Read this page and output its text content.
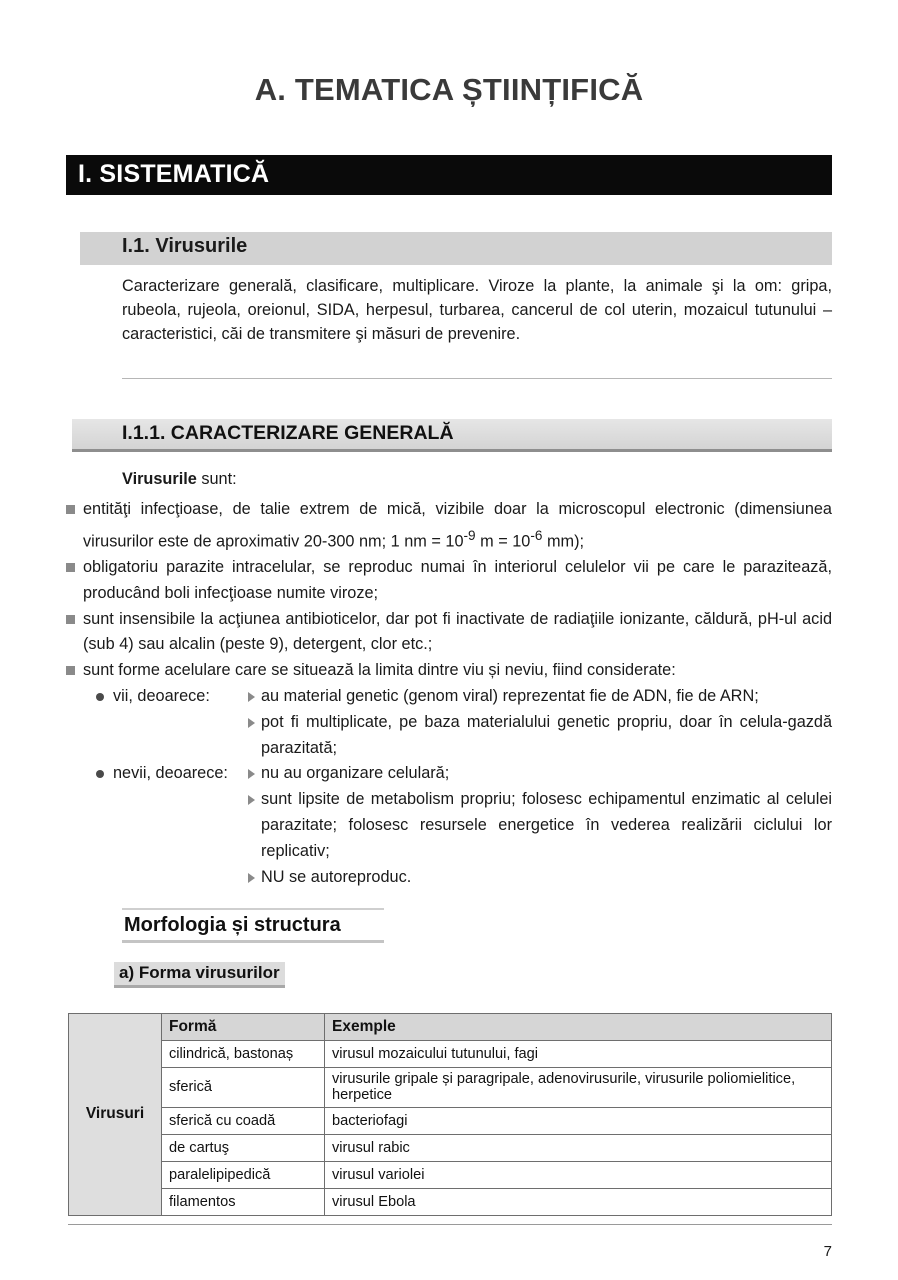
A. TEMATICA ȘTIINȚIFICĂ
I. SISTEMATICĂ
I.1. Virusurile
Caracterizare generală, clasificare, multiplicare. Viroze la plante, la animale şi la om: gripa, rubeola, rujeola, oreionul, SIDA, herpesul, turbarea, cancerul de col uterin, mozaicul tutunului – caracteristici, căi de transmitere şi măsuri de prevenire.
I.1.1. CARACTERIZARE GENERALĂ
Virusurile sunt:
entităţi infecţioase, de talie extrem de mică, vizibile doar la microscopul electronic (dimensiunea virusurilor este de aproximativ 20-300 nm; 1 nm = $10^{-9}$ $m = 10^{-6}$ mm);
obligatoriu parazite intracelular, se reproduc numai în interiorul celulelor vii pe care le parazitează, producând boli infecţioase numite viroze;
sunt insensibile la acţiunea antibioticelor, dar pot fi inactivate de radiaţiile ionizante, căldură, pH-ul acid (sub 4) sau alcalin (peste 9), detergent, clor etc.;
sunt forme acelulare care se situează la limita dintre viu și neviu, fiind considerate:
vii, deoarece:	au material genetic (genom viral) reprezentat fie de ADN, fie de ARN;
pot fi multiplicate, pe baza materialului genetic propriu, doar în celula-gazdă parazitată;
nevii, deoarece:	nu au organizare celulară;
sunt lipsite de metabolism propriu; folosesc echipamentul enzimatic al celulei parazitate; folosesc resursele energetice în vederea realizării ciclului lor replicativ;
NU se autoreproduc.
Morfologia și structura
a) Forma virusurilor
Virusuri	Formă	Exemple
	cilindrică, bastonaș	virusul mozaicului tutunului, fagi
	sferică	virusurile gripale și paragripale, adenovirusurile, virusurile poliomielitice, herpetice
	sferică cu coadă	bacteriofagi
	de cartuş	virusul rabic
	paralelipipedică	virusul variolei
	filamentos	virusul Ebola
7
